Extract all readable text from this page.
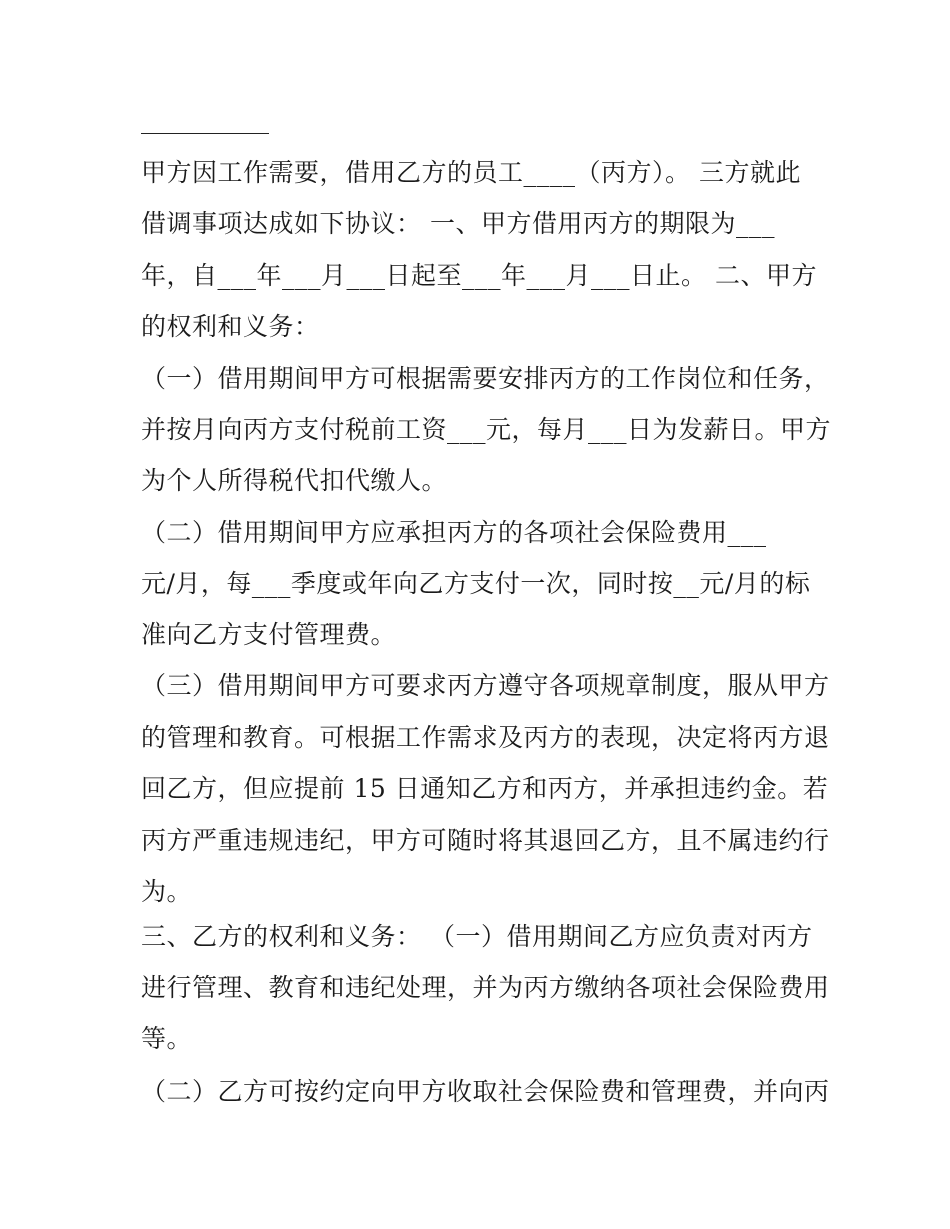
甲方因工作需要，借用乙方的员工____（丙方）。 三方就此
借调事项达成如下协议： 一、甲方借用丙方的期限为___
年，自___年___月___日起至___年___月___日止。 二、甲方
的权利和义务：
（一）借用期间甲方可根据需要安排丙方的工作岗位和任务，
并按月向丙方支付税前工资___元，每月___日为发薪日。甲方
为个人所得税代扣代缴人。
（二）借用期间甲方应承担丙方的各项社会保险费用___
元/月，每___季度或年向乙方支付一次，同时按__元/月的标
准向乙方支付管理费。
（三）借用期间甲方可要求丙方遵守各项规章制度，服从甲方
的管理和教育。可根据工作需求及丙方的表现，决定将丙方退
回乙方，但应提前 15 日通知乙方和丙方，并承担违约金。若
丙方严重违规违纪，甲方可随时将其退回乙方，且不属违约行
为。
三、乙方的权利和义务： （一）借用期间乙方应负责对丙方
进行管理、教育和违纪处理，并为丙方缴纳各项社会保险费用
等。
（二）乙方可按约定向甲方收取社会保险费和管理费，并向丙
